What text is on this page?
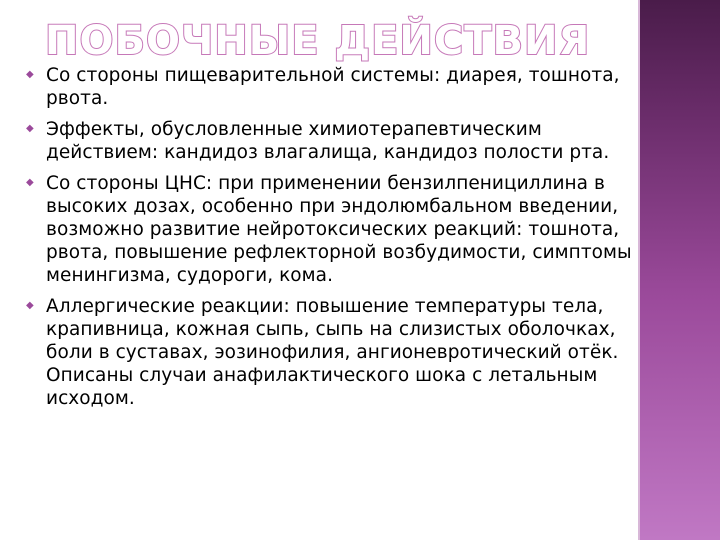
ПОБОЧНЫЕ ДЕЙСТВИЯ
◆ Со стороны пищеварительной системы: диарея, тошнота, рвота.
◆ Эффекты, обусловленные химиотерапевтическим действием: кандидоз влагалища, кандидоз полости рта.
◆ Со стороны ЦНС: при применении бензилпенициллина в высоких дозах, особенно при эндолюмбальном введении, возможно развитие нейротоксических реакций: тошнота, рвота, повышение рефлекторной возбудимости, симптомы менингизма, судороги, кома.
◆ Аллергические реакции: повышение температуры тела, крапивница, кожная сыпь, сыпь на слизистых оболочках, боли в суставах, эозинофилия, ангионевротический отёк. Описаны случаи анафилактического шока с летальным исходом.
